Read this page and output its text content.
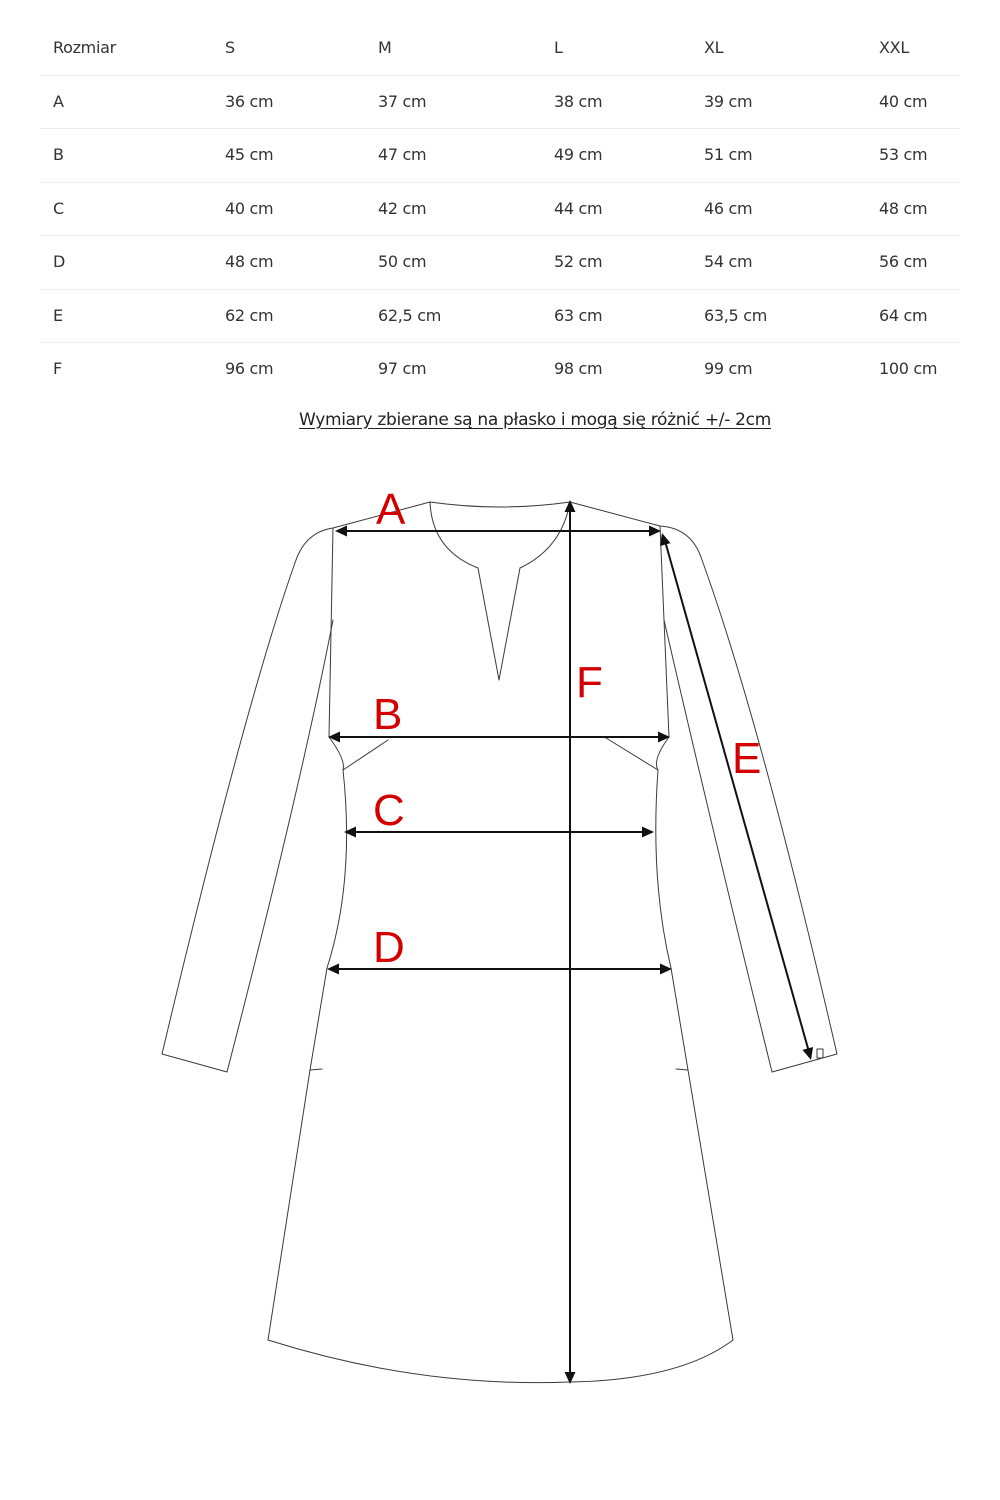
Rozmiar	S	M	L	XL	XXL
A	36 cm	37 cm	38 cm	39 cm	40 cm
B	45 cm	47 cm	49 cm	51 cm	53 cm
C	40 cm	42 cm	44 cm	46 cm	48 cm
D	48 cm	50 cm	52 cm	54 cm	56 cm
E	62 cm	62,5 cm	63 cm	63,5 cm	64 cm
F	96 cm	97 cm	98 cm	99 cm	100 cm
Wymiary zbierane są na płasko i mogą się różnić +/- 2cm
A
B
C
D
E
F
